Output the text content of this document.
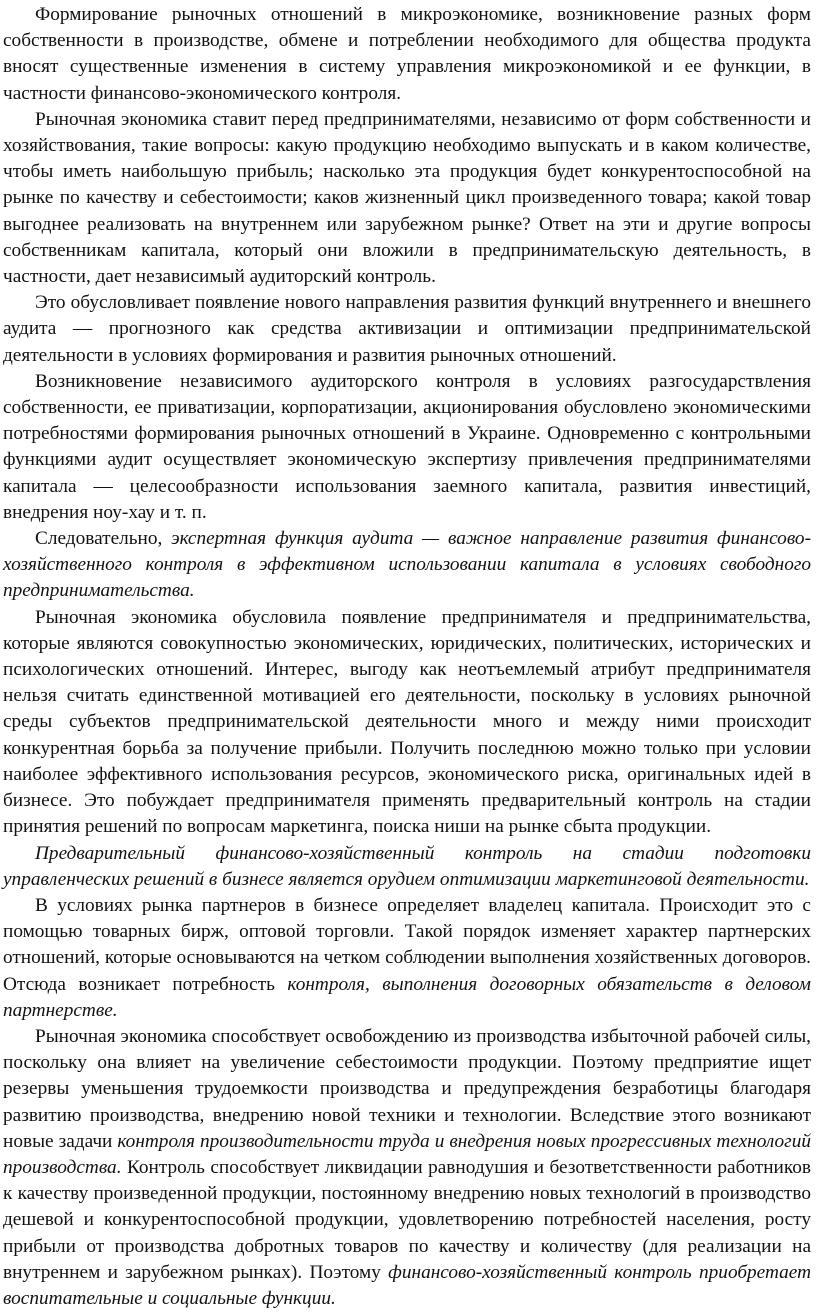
Формирование рыночных отношений в микроэкономике, возникновение разных форм собственности в производстве, обмене и потреблении необходимого для общества продукта вносят существенные изменения в систему управления микроэкономикой и ее функции, в частности финансово-экономического контроля.

Рыночная экономика ставит перед предпринимателями, независимо от форм собственности и хозяйствования, такие вопросы: какую продукцию необходимо выпускать и в каком количестве, чтобы иметь наибольшую прибыль; насколько эта продукция будет конкурентоспособной на рынке по качеству и себестоимости; каков жизненный цикл произведенного товара; какой товар выгоднее реализовать на внутреннем или зарубежном рынке? Ответ на эти и другие вопросы собственникам капитала, который они вложили в предпринимательскую деятельность, в частности, дает независимый аудиторский контроль.

Это обусловливает появление нового направления развития функций внутреннего и внешнего аудита — прогнозного как средства активизации и оптимизации предпринимательской деятельности в условиях формирования и развития рыночных отношений.

Возникновение независимого аудиторского контроля в условиях разгосударствления собственности, ее приватизации, корпоратизации, акционирования обусловлено экономическими потребностями формирования рыночных отношений в Украине. Одновременно с контрольными функциями аудит осуществляет экономическую экспертизу привлечения предпринимателями капитала — целесообразности использования заемного капитала, развития инвестиций, внедрения ноу-хау и т. п.

Следовательно, экспертная функция аудита — важное направление развития финансово-хозяйственного контроля в эффективном использовании капитала в условиях свободного предпринимательства.

Рыночная экономика обусловила появление предпринимателя и предпринимательства, которые являются совокупностью экономических, юридических, политических, исторических и психологических отношений. Интерес, выгоду как неотъемлемый атрибут предпринимателя нельзя считать единственной мотивацией его деятельности, поскольку в условиях рыночной среды субъектов предпринимательской деятельности много и между ними происходит конкурентная борьба за получение прибыли. Получить последнюю можно только при условии наиболее эффективного использования ресурсов, экономического риска, оригинальных идей в бизнесе. Это побуждает предпринимателя применять предварительный контроль на стадии принятия решений по вопросам маркетинга, поиска ниши на рынке сбыта продукции.

Предварительный финансово-хозяйственный контроль на стадии подготовки управленческих решений в бизнесе является орудием оптимизации маркетинговой деятельности.

В условиях рынка партнеров в бизнесе определяет владелец капитала. Происходит это с помощью товарных бирж, оптовой торговли. Такой порядок изменяет характер партнерских отношений, которые основываются на четком соблюдении выполнения хозяйственных договоров. Отсюда возникает потребность контроля, выполнения договорных обязательств в деловом партнерстве.

Рыночная экономика способствует освобождению из производства избыточной рабочей силы, поскольку она влияет на увеличение себестоимости продукции. Поэтому предприятие ищет резервы уменьшения трудоемкости производства и предупреждения безработицы благодаря развитию производства, внедрению новой техники и технологии. Вследствие этого возникают новые задачи контроля производительности труда и внедрения новых прогрессивных технологий производства. Контроль способствует ликвидации равнодушия и безответственности работников к качеству произведенной продукции, постоянному внедрению новых технологий в производство дешевой и конкурентоспособной продукции, удовлетворению потребностей населения, росту прибыли от производства добротных товаров по качеству и количеству (для реализации на внутреннем и зарубежном рынках). Поэтому финансово-хозяйственный контроль приобретает воспитательные и социальные функции.
